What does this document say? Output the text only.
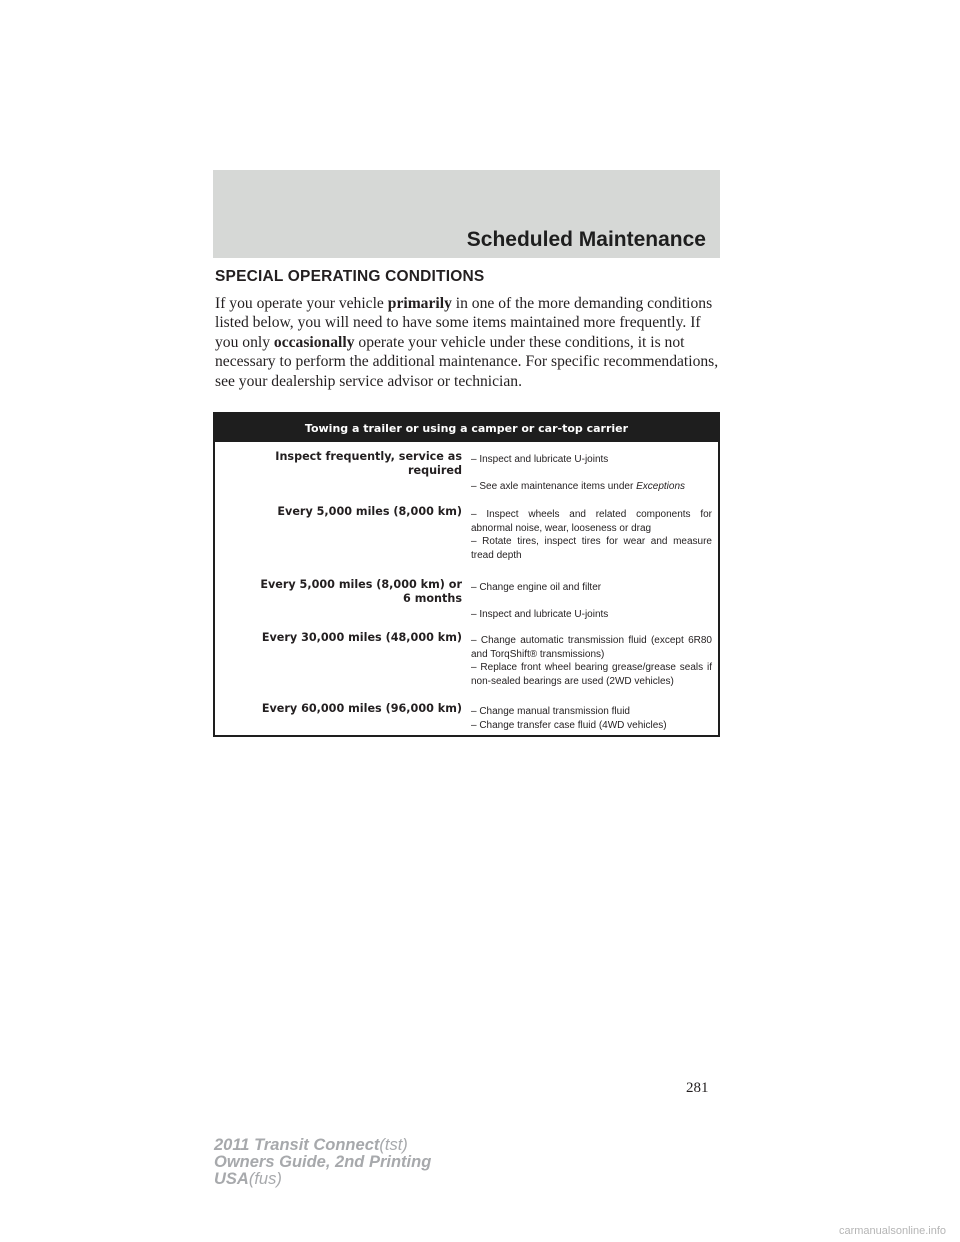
Scheduled Maintenance
SPECIAL OPERATING CONDITIONS

If you operate your vehicle primarily in one of the more demanding conditions listed below, you will need to have some items maintained more frequently. If you only occasionally operate your vehicle under these conditions, it is not necessary to perform the additional maintenance. For specific recommendations, see your dealership service advisor or technician.

Towing a trailer or using a camper or car-top carrier
Inspect frequently, service as
required
– Inspect and lubricate U-joints
– See axle maintenance items under Exceptions
Every 5,000 miles (8,000 km) – Inspect wheels and related components for abnormal noise, wear, looseness or drag
– Rotate tires, inspect tires for wear and measure tread depth
Every 5,000 miles (8,000 km) or
6 months
– Change engine oil and filter
– Inspect and lubricate U-joints
Every 30,000 miles (48,000 km) – Change automatic transmission fluid (except 6R80 and TorqShift® transmissions)
– Replace front wheel bearing grease/grease seals if non-sealed bearings are used (2WD vehicles)
Every 60,000 miles (96,000 km) – Change manual transmission fluid
– Change transfer case fluid (4WD vehicles)
281
2011 Transit Connect(tst)
Owners Guide, 2nd Printing
USA(fus)
carmanualsonline.info
